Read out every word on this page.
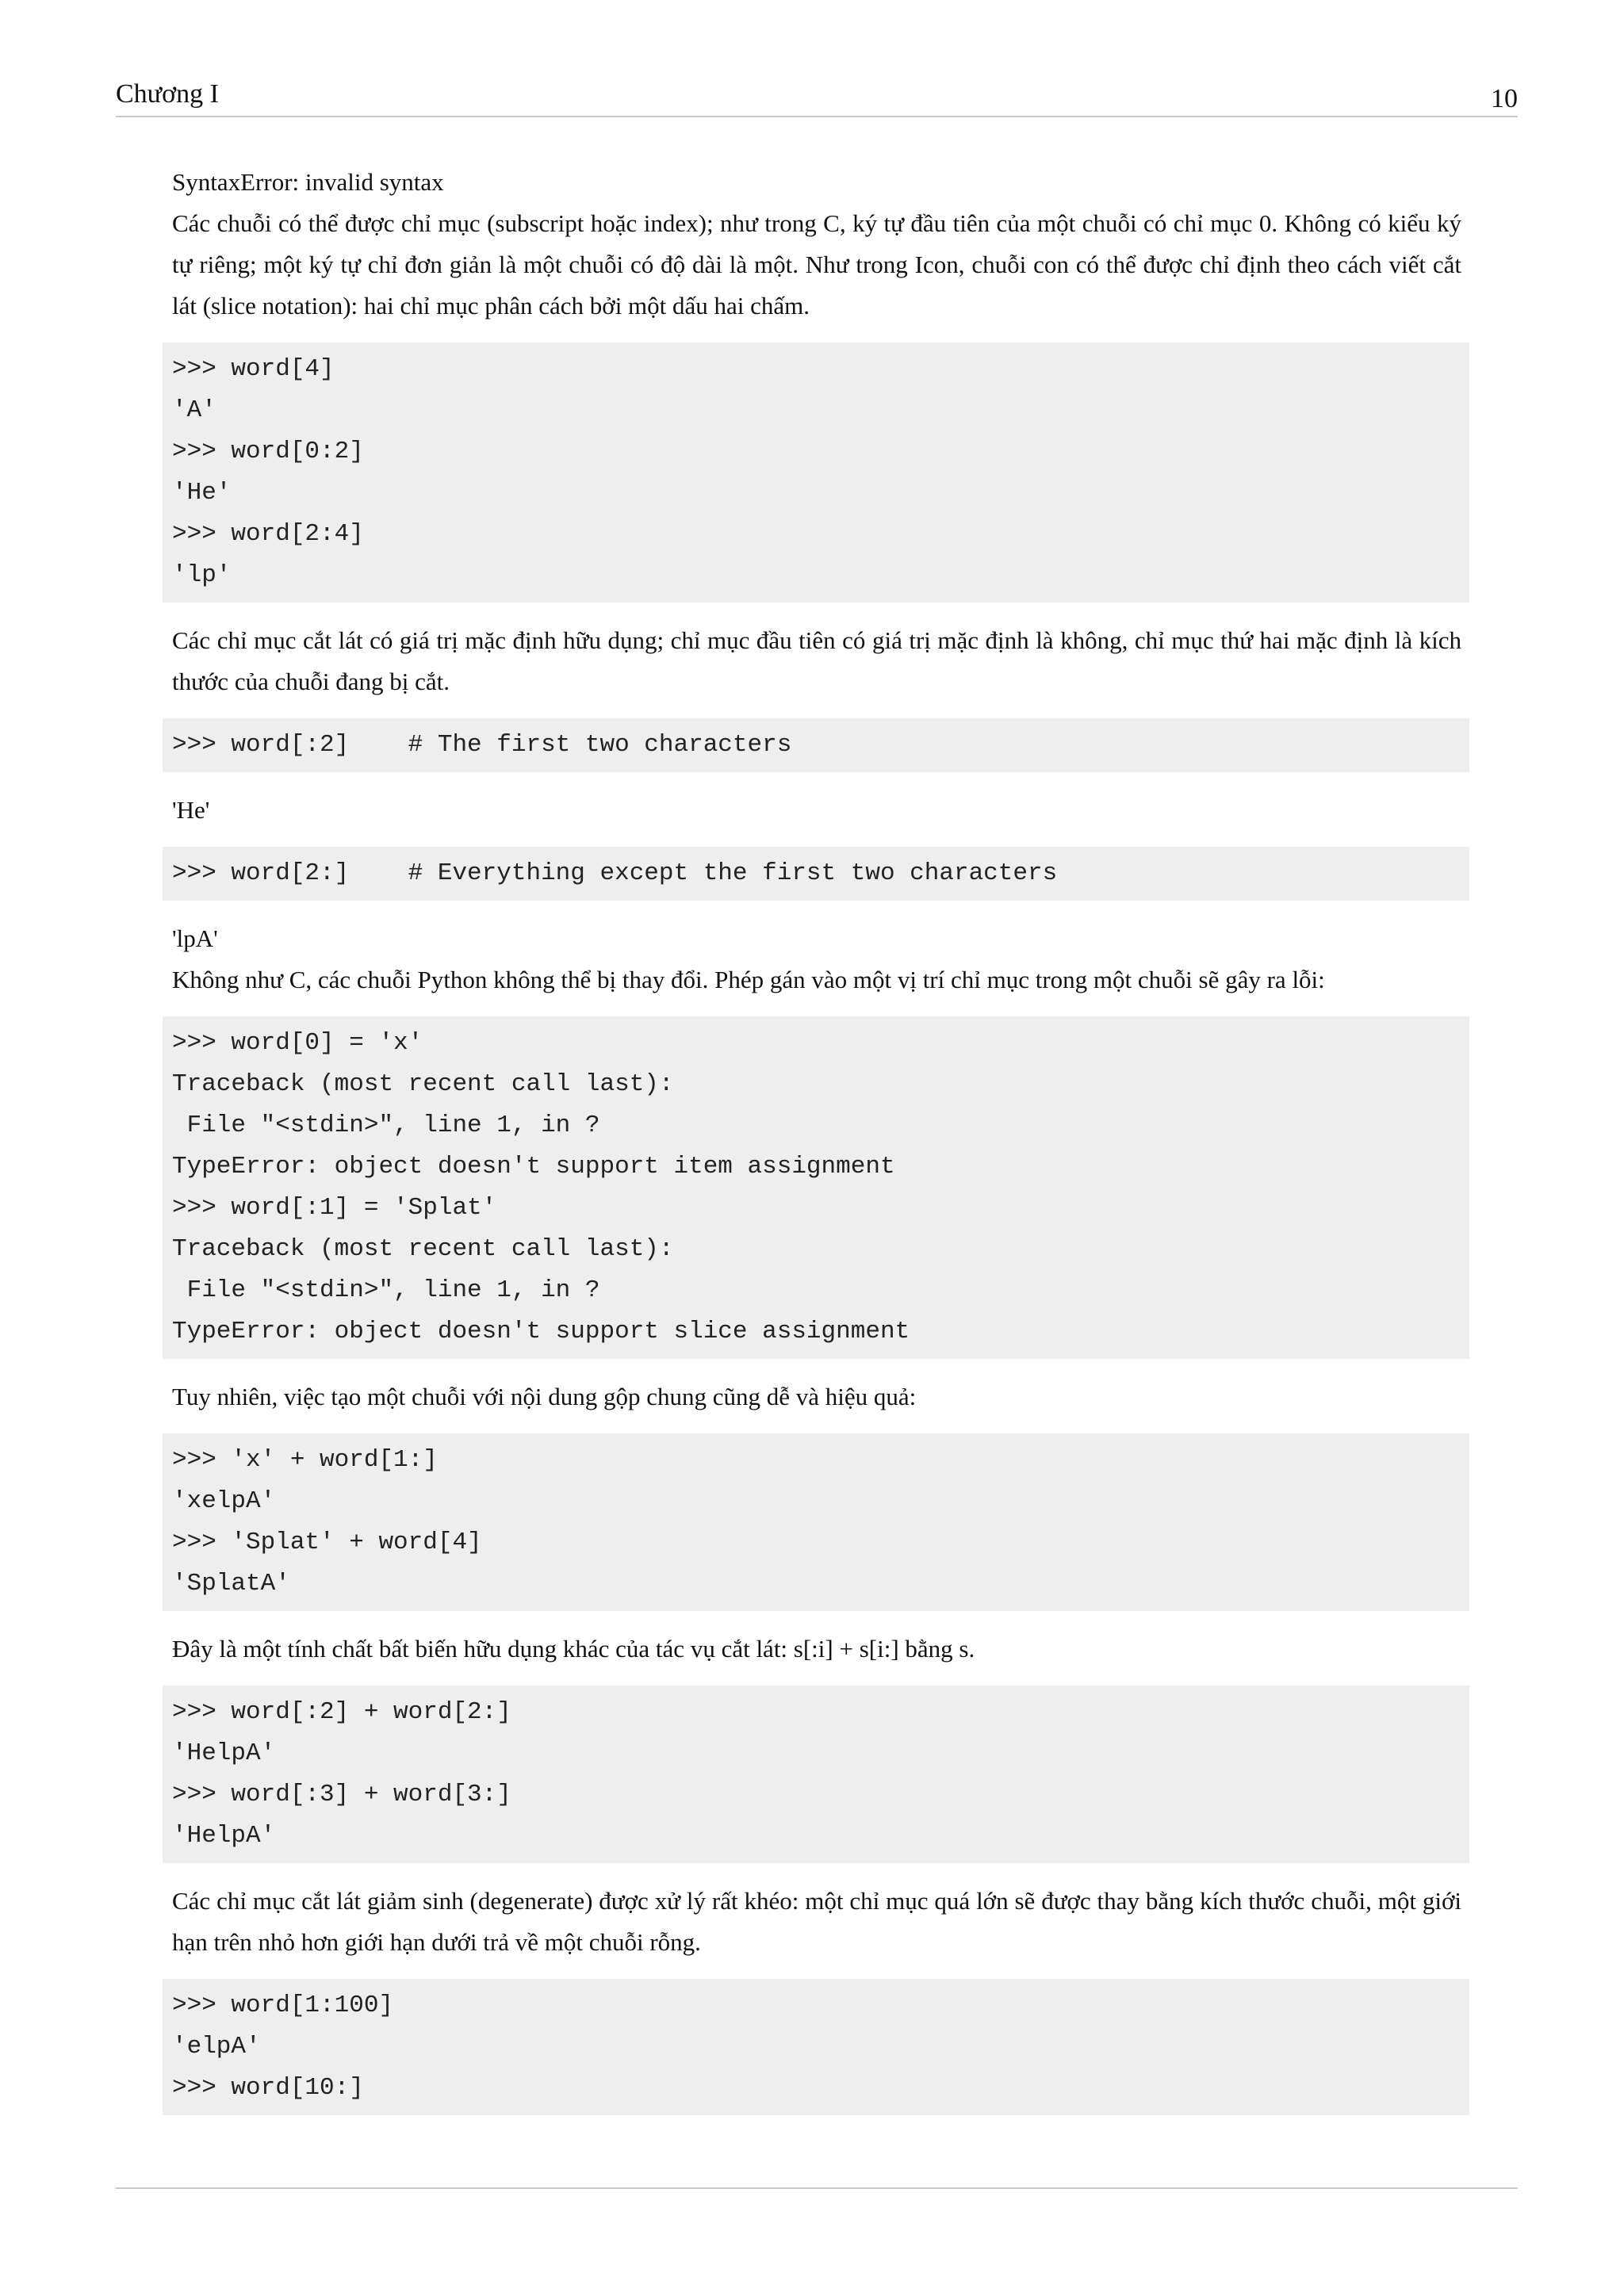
Chương I	10

SyntaxError: invalid syntax

Các chuỗi có thể được chỉ mục (subscript hoặc index); như trong C, ký tự đầu tiên của một chuỗi có chỉ mục 0. Không có kiểu ký tự riêng; một ký tự chỉ đơn giản là một chuỗi có độ dài là một. Như trong Icon, chuỗi con có thể được chỉ định theo cách viết cắt lát (slice notation): hai chỉ mục phân cách bởi một dấu hai chấm.

>>> word[4]
'A'
>>> word[0:2]
'He'
>>> word[2:4]
'lp'

Các chỉ mục cắt lát có giá trị mặc định hữu dụng; chỉ mục đầu tiên có giá trị mặc định là không, chỉ mục thứ hai mặc định là kích thước của chuỗi đang bị cắt.

>>> word[:2]    # The first two characters

'He'

>>> word[2:]    # Everything except the first two characters

'lpA'

Không như C, các chuỗi Python không thể bị thay đổi. Phép gán vào một vị trí chỉ mục trong một chuỗi sẽ gây ra lỗi:

>>> word[0] = 'x'
Traceback (most recent call last):
File "<stdin>", line 1, in ?
TypeError: object doesn't support item assignment
>>> word[:1] = 'Splat'
Traceback (most recent call last):
File "<stdin>", line 1, in ?
TypeError: object doesn't support slice assignment

Tuy nhiên, việc tạo một chuỗi với nội dung gộp chung cũng dễ và hiệu quả:

>>> 'x' + word[1:]
'xelpA'
>>> 'Splat' + word[4]
'SplatA'

Đây là một tính chất bất biến hữu dụng khác của tác vụ cắt lát: s[:i] + s[i:] bằng s.

>>> word[:2] + word[2:]
'HelpA'
>>> word[:3] + word[3:]
'HelpA'

Các chỉ mục cắt lát giảm sinh (degenerate) được xử lý rất khéo: một chỉ mục quá lớn sẽ được thay bằng kích thước chuỗi, một giới hạn trên nhỏ hơn giới hạn dưới trả về một chuỗi rỗng.

>>> word[1:100]
'elpA'
>>> word[10:]
